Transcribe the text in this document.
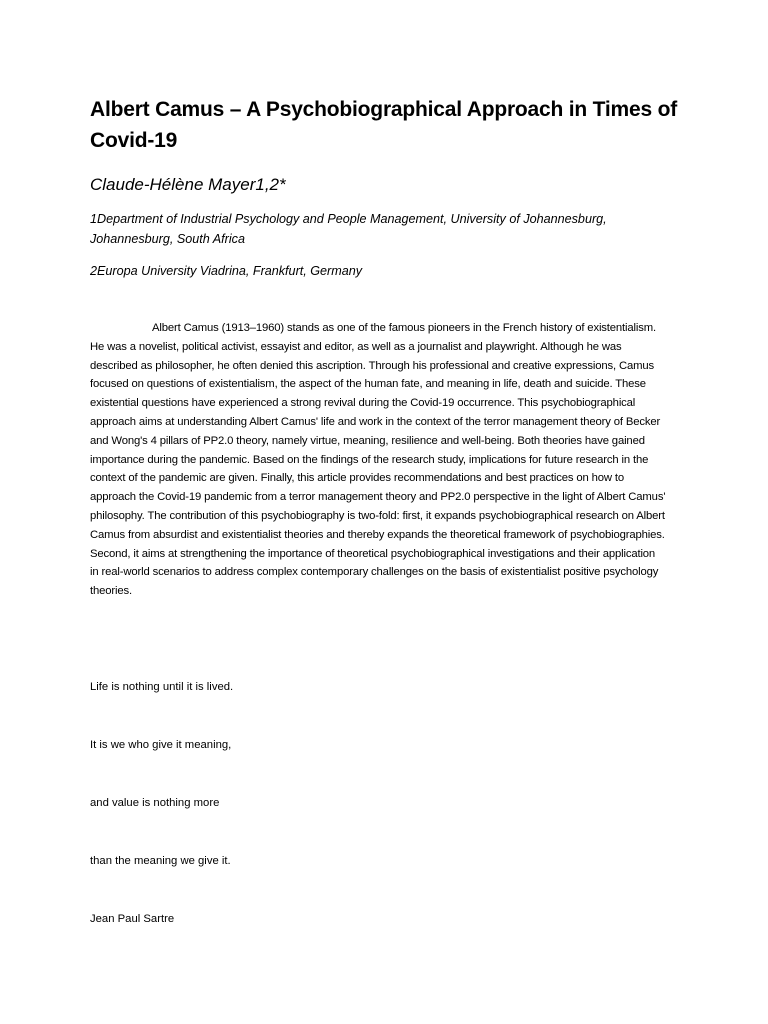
Albert Camus – A Psychobiographical Approach in Times of Covid-19

Claude-Hélène Mayer1,2*

1Department of Industrial Psychology and People Management, University of Johannesburg, Johannesburg, South Africa

2Europa University Viadrina, Frankfurt, Germany

Albert Camus (1913–1960) stands as one of the famous pioneers in the French history of existentialism. He was a novelist, political activist, essayist and editor, as well as a journalist and playwright. Although he was described as philosopher, he often denied this ascription. Through his professional and creative expressions, Camus focused on questions of existentialism, the aspect of the human fate, and meaning in life, death and suicide. These existential questions have experienced a strong revival during the Covid-19 occurrence. This psychobiographical approach aims at understanding Albert Camus' life and work in the context of the terror management theory of Becker and Wong's 4 pillars of PP2.0 theory, namely virtue, meaning, resilience and well-being. Both theories have gained importance during the pandemic. Based on the findings of the research study, implications for future research in the context of the pandemic are given. Finally, this article provides recommendations and best practices on how to approach the Covid-19 pandemic from a terror management theory and PP2.0 perspective in the light of Albert Camus' philosophy. The contribution of this psychobiography is two-fold: first, it expands psychobiographical research on Albert Camus from absurdist and existentialist theories and thereby expands the theoretical framework of psychobiographies. Second, it aims at strengthening the importance of theoretical psychobiographical investigations and their application in real-world scenarios to address complex contemporary challenges on the basis of existentialist positive psychology theories.

Life is nothing until it is lived.

It is we who give it meaning,

and value is nothing more

than the meaning we give it.

Jean Paul Sartre
